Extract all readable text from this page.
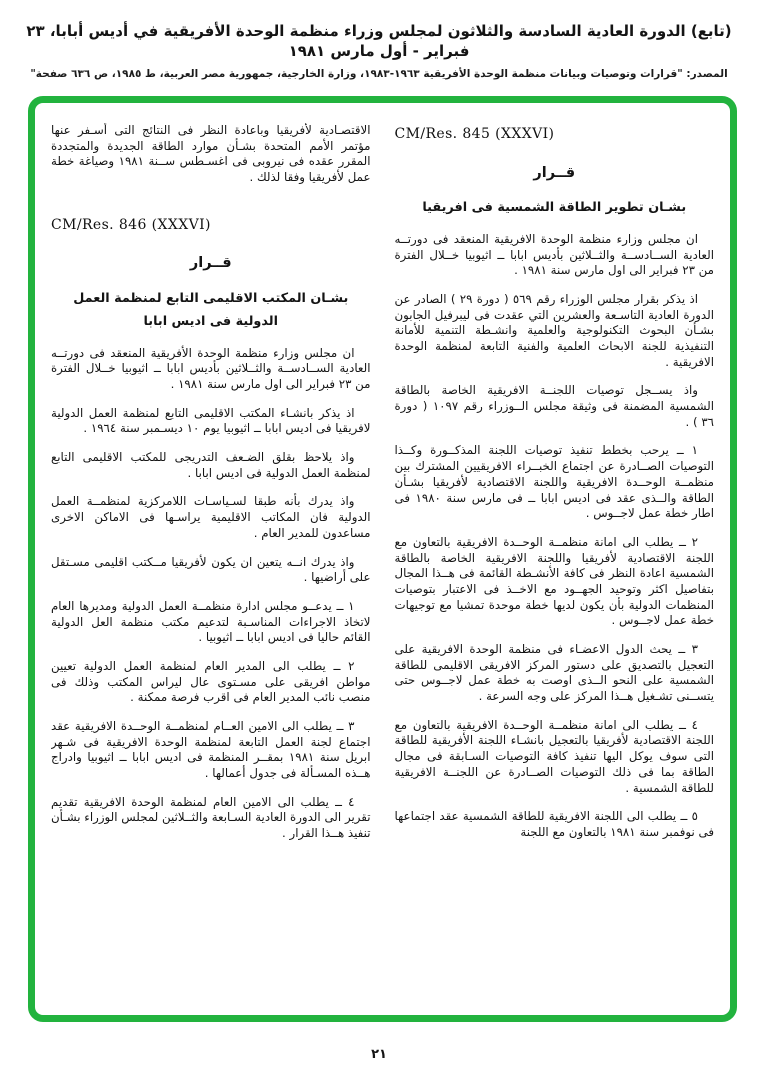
(تابع) الدورة العادية السادسة والثلاثون لمجلس وزراء منظمة الوحدة الأفريقية في أديس أبابا، ٢٣ فبراير - أول مارس ١٩٨١
المصدر: "قرارات وتوصيات وبيانات منظمة الوحدة الأفريقية ١٩٦٣-١٩٨٣، وزارة الخارجية، جمهورية مصر العربية، ط ١٩٨٥، ص ٦٣٦ صفحة"
CM/Res. 845 (XXXVI)
قــرار
بشـان تطوير الطاقة الشمسية فى افريقيا

ان مجلس وزارء منظمة الوحدة الافريقية المنعقد فى دورتــه العادية الســادســة والثــلاثين بأديس ابابا ــ اثيوبيا خــلال الفترة من ٢٣ فبراير الى اول مارس سنة ١٩٨١ .

اذ يذكر بقرار مجلس الوزراء رقم ٥٦٩ ( دورة ٢٩ ) الصادر عن الدورة العادية التاسـعة والعشرين التي عقدت فى ليبرفيل الجابون بشـأن البحوث التكنولوجية والعلمية وانشـطة التنمية للأمانة التنفيذية للجنة الابحاث العلمية والفنية التابعة لمنظمة الوحدة الافريقية .

واذ يســجل توصيات اللجنــة الافريقية الخاصة بالطاقة الشمسية المضمنة فى وثيقة مجلس الــوزراء رقم ١٠٩٧ ( دورة ٣٦ ) .

١ ــ يرحب بخطط تنفيذ توصيات اللجنة المذكــورة وكــذا التوصيات الصــادرة عن اجتماع الخبــراء الافريقيين المشترك بين منظمــة الوحــدة الافريقية واللجنة الاقتصادية لأفريقيا بشـأن الطاقة والــذى عقد فى اديس ابابا ــ فى مارس سنة ١٩٨٠ فى اطار خطة عمل لاجــوس .

٢ ــ يطلب الى امانة منظمــة الوحــدة الافريقية بالتعاون مع اللجنة الاقتصادية لأفريقيا واللجنة الافريقية الخاصة بالطاقة الشمسية اعادة النظر فى كافة الأنشـطة القائمة فى هــذا المجال بتفاصيل اكثر وتوحيد الجهــود مع الاخــذ فى الاعتبار بتوصيات المنظمات الدولية بأن يكون لديها خطة موحدة تمشيا مع توجيهات خطة عمل لاجــوس .

٣ ــ يحث الدول الاعضـاء فى منظمة الوحدة الافريقية على التعجيل بالتصديق على دستور المركز الافريقى الاقليمى للطاقة الشمسية على النحو الــذى اوصت به خطة عمل لاجــوس حتى يتســنى تشـغيل هــذا المركز على وجه السرعة .

٤ ــ يطلب الى امانة منظمــة الوحــدة الافريقية بالتعاون مع اللجنة الاقتصادية لأفريقيا بالتعجيل بانشـاء اللجنة الأفريقية للطاقة التى سوف يوكل اليها تنفيذ كافة التوصيات السـابقة فى مجال الطاقة بما فى ذلك التوصيات الصــادرة عن اللجنــة الافريقية للطاقة الشمسية .

٥ ــ يطلب الى اللجنة الافريقية للطاقة الشمسية عقد اجتماعها فى نوفمبر سنة ١٩٨١ بالتعاون مع اللجنة

الاقتصـادية لأفريقيا وباعادة النظر فى النتائج التى أسـفر عنها مؤتمر الأمم المتحدة بشـأن موارد الطاقة الجديدة والمتجددة المقرر عقده فى نيروبى فى اغسـطس ســنة ١٩٨١ وصياغة خطة عمل لأفريقيا وفقا لذلك .

CM/Res. 846 (XXXVI)
قــرار
بشـان المكتب الاقليمى التابع لمنظمة العمل
الدولية فى اديس ابابا

ان مجلس وزارء منظمة الوحدة الأفريقية المنعقد فى دورتــه العادية الســادســة والثــلاثين بأديس ابابا ــ اثيوبيا خــلال الفترة من ٢٣ فبراير الى اول مارس سنة ١٩٨١ .

اذ يذكر بانشـاء المكتب الاقليمى التابع لمنظمة العمل الدولية لافريقيا فى اديس ابابا ــ اثيوبيا يوم ١٠ ديسـمبر سنة ١٩٦٤ .

واذ يلاحظ بقلق الضـعف التدريجى للمكتب الاقليمى التابع لمنظمة العمل الدولية فى اديس ابابا .

واذ يدرك بأنه طبقا لسـياسـات اللامركزية لمنظمــة العمل الدولية فان المكاتب الاقليمية يراسـها فى الاماكن الاخرى مساعدون للمدير العام .

واذ يدرك انــه يتعين ان يكون لأفريقيا مــكتب اقليمى مسـتقل على أراضيها .

١ ــ يدعــو مجلس ادارة منظمــة العمل الدولية ومديرها العام لاتخاذ الاجراءات المناسـبة لتدعيم مكتب منظمة العل الدولية القائم حاليا فى اديس ابابا ــ اثيوبيا .

٢ ــ يطلب الى المدير العام لمنظمة العمل الدولية تعيين مواطن افريقى على مسـتوى عال ليراس المكتب وذلك فى منصب نائب المدير العام فى اقرب فرصة ممكنة .

٣ ــ يطلب الى الامين العــام لمنظمــة الوحــدة الافريقية عقد اجتماع لجنة العمل التابعة لمنظمة الوحدة الافريقية فى شـهر ابريل سنة ١٩٨١ بمقــر المنظمة فى اديس ابابا ــ اثيوبيا وادراج هــذه المسـألة فى جدول أعمالها .

٤ ــ يطلب الى الامين العام لمنظمة الوحدة الافريقية تقديم تقرير الى الدورة العادية السـابعة والثــلاثين لمجلس الوزراء بشـأن تنفيذ هــذا القرار .

٢١
